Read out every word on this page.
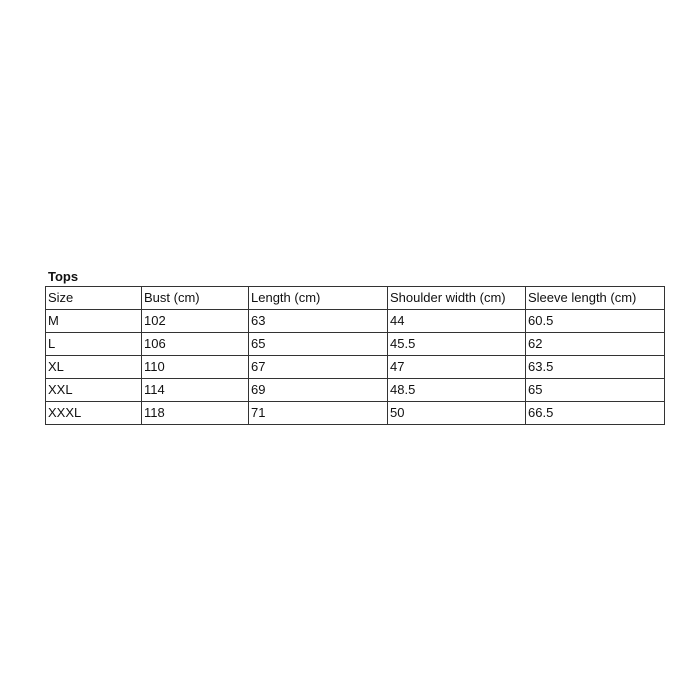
Tops
Size	Bust (cm)	Length (cm)	Shoulder width (cm)	Sleeve length (cm)
M	102	63	44	60.5
L	106	65	45.5	62
XL	110	67	47	63.5
XXL	114	69	48.5	65
XXXL	118	71	50	66.5
